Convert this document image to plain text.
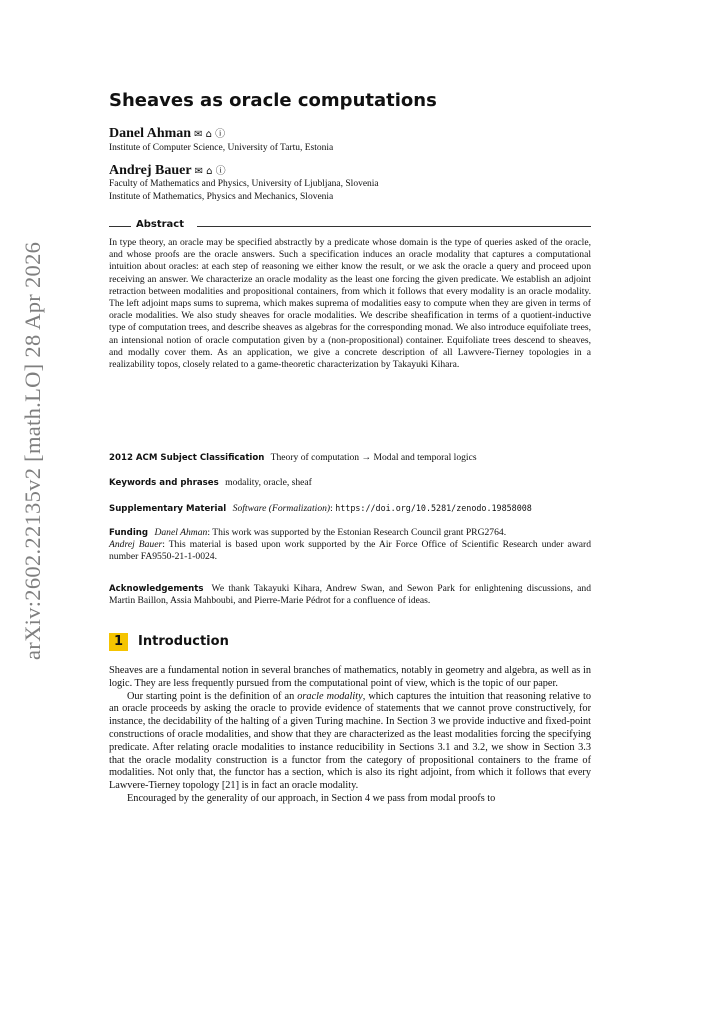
arXiv:2602.22135v2 [math.LO] 28 Apr 2026
Sheaves as oracle computations
Danel Ahman ✉ ⌂ ⓘ
Institute of Computer Science, University of Tartu, Estonia
Andrej Bauer ✉ ⌂ ⓘ
Faculty of Mathematics and Physics, University of Ljubljana, Slovenia
Institute of Mathematics, Physics and Mechanics, Slovenia
Abstract
In type theory, an oracle may be specified abstractly by a predicate whose domain is the type of queries asked of the oracle, and whose proofs are the oracle answers. Such a specification induces an oracle modality that captures a computational intuition about oracles: at each step of reasoning we either know the result, or we ask the oracle a query and proceed upon receiving an answer. We characterize an oracle modality as the least one forcing the given predicate. We establish an adjoint retraction between modalities and propositional containers, from which it follows that every modality is an oracle modality. The left adjoint maps sums to suprema, which makes suprema of modalities easy to compute when they are given in terms of oracle modalities. We also study sheaves for oracle modalities. We describe sheafification in terms of a quotient-inductive type of computation trees, and describe sheaves as algebras for the corresponding monad. We also introduce equifoliate trees, an intensional notion of oracle computation given by a (non-propositional) container. Equifoliate trees descend to sheaves, and modally cover them. As an application, we give a concrete description of all Lawvere-Tierney topologies in a realizability topos, closely related to a game-theoretic characterization by Takayuki Kihara.
2012 ACM Subject Classification Theory of computation → Modal and temporal logics
Keywords and phrases modality, oracle, sheaf
Supplementary Material Software (Formalization): https://doi.org/10.5281/zenodo.19858008
Funding Danel Ahman: This work was supported by the Estonian Research Council grant PRG2764.
Andrej Bauer: This material is based upon work supported by the Air Force Office of Scientific Research under award number FA9550-21-1-0024.
Acknowledgements We thank Takayuki Kihara, Andrew Swan, and Sewon Park for enlightening discussions, and Martin Baillon, Assia Mahboubi, and Pierre-Marie Pédrot for a confluence of ideas.
1 Introduction

Sheaves are a fundamental notion in several branches of mathematics, notably in geometry and algebra, as well as in logic. They are less frequently pursued from the computational point of view, which is the topic of our paper.

Our starting point is the definition of an oracle modality, which captures the intuition that reasoning relative to an oracle proceeds by asking the oracle to provide evidence of statements that we cannot prove constructively, for instance, the decidability of the halting of a given Turing machine. In Section 3 we provide inductive and fixed-point constructions of oracle modalities, and show that they are characterized as the least modalities forcing the specifying predicate. After relating oracle modalities to instance reducibility in Sections 3.1 and 3.2, we show in Section 3.3 that the oracle modality construction is a functor from the category of propositional containers to the frame of modalities. Not only that, the functor has a section, which is also its right adjoint, from which it follows that every Lawvere-Tierney topology [21] is in fact an oracle modality.

Encouraged by the generality of our approach, in Section 4 we pass from modal proofs to
